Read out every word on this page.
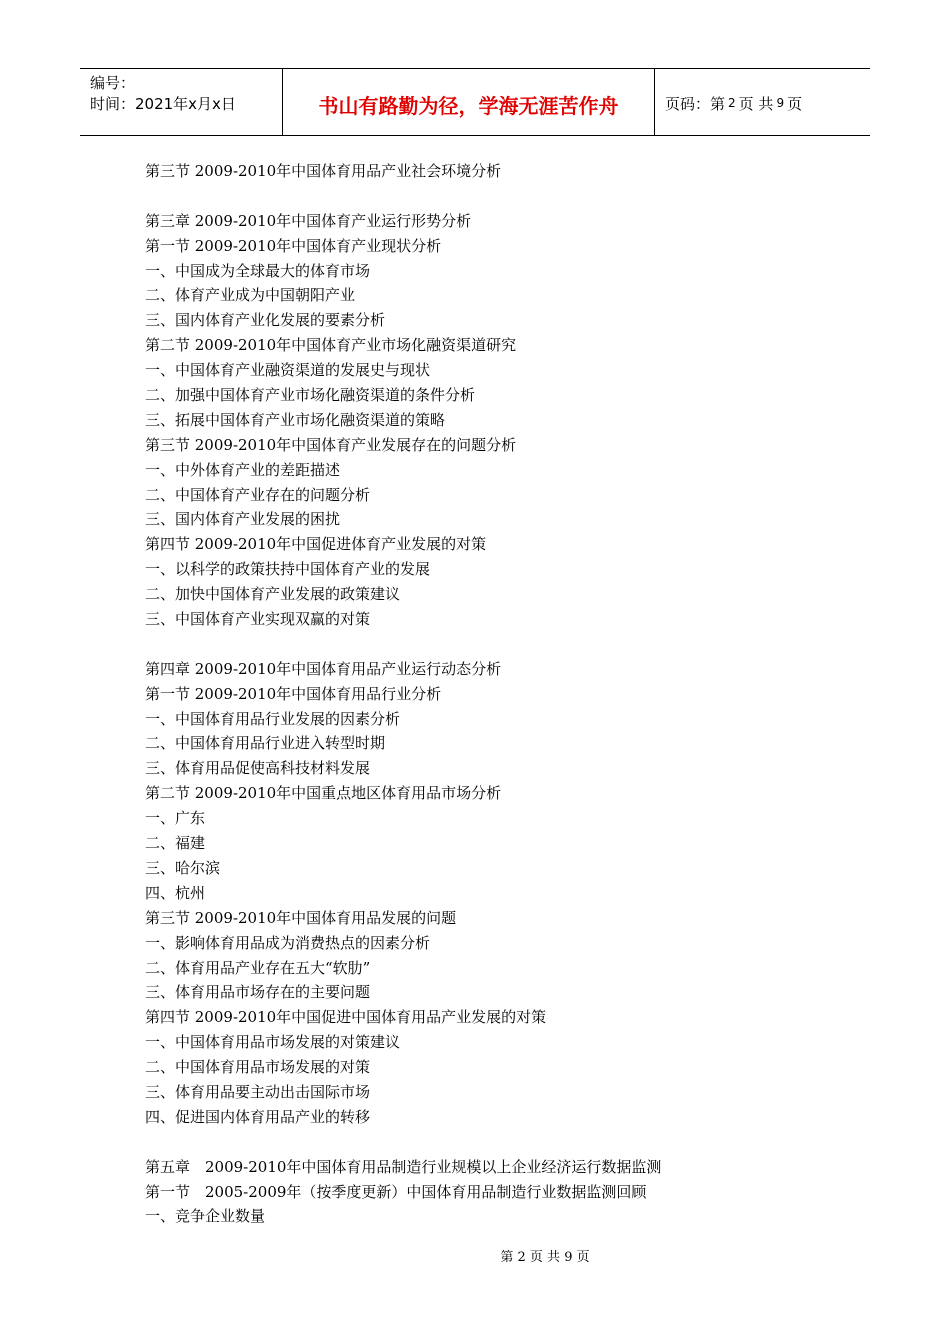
编号：
时间：2021年x月x日	书山有路勤为径，学海无涯苦作舟	页码：第 2 页 共 9 页
第三节 2009-2010年中国体育用品产业社会环境分析
第三章 2009-2010年中国体育产业运行形势分析
第一节 2009-2010年中国体育产业现状分析
一、中国成为全球最大的体育市场
二、体育产业成为中国朝阳产业
三、国内体育产业化发展的要素分析
第二节 2009-2010年中国体育产业市场化融资渠道研究
一、中国体育产业融资渠道的发展史与现状
二、加强中国体育产业市场化融资渠道的条件分析
三、拓展中国体育产业市场化融资渠道的策略
第三节 2009-2010年中国体育产业发展存在的问题分析
一、中外体育产业的差距描述
二、中国体育产业存在的问题分析
三、国内体育产业发展的困扰
第四节 2009-2010年中国促进体育产业发展的对策
一、以科学的政策扶持中国体育产业的发展
二、加快中国体育产业发展的政策建议
三、中国体育产业实现双赢的对策
第四章 2009-2010年中国体育用品产业运行动态分析
第一节 2009-2010年中国体育用品行业分析
一、中国体育用品行业发展的因素分析
二、中国体育用品行业进入转型时期
三、体育用品促使高科技材料发展
第二节 2009-2010年中国重点地区体育用品市场分析
一、广东
二、福建
三、哈尔滨
四、杭州
第三节 2009-2010年中国体育用品发展的问题
一、影响体育用品成为消费热点的因素分析
二、体育用品产业存在五大“软肋”
三、体育用品市场存在的主要问题
第四节 2009-2010年中国促进中国体育用品产业发展的对策
一、中国体育用品市场发展的对策建议
二、中国体育用品市场发展的对策
三、体育用品要主动出击国际市场
四、促进国内体育用品产业的转移
第五章　2009-2010年中国体育用品制造行业规模以上企业经济运行数据监测
第一节　2005-2009年（按季度更新）中国体育用品制造行业数据监测回顾
一、竞争企业数量
第 2 页 共 9 页
